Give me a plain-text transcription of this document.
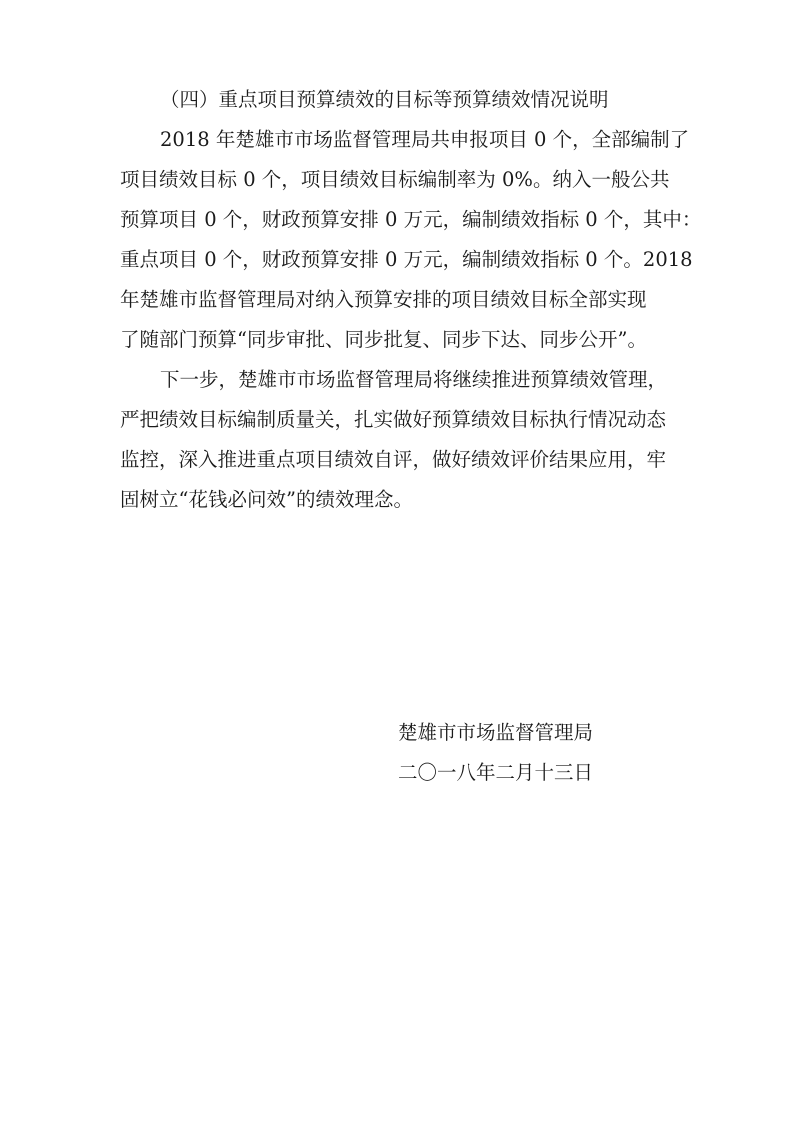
（四）重点项目预算绩效的目标等预算绩效情况说明
2018 年楚雄市市场监督管理局共申报项目 0 个，全部编制了
项目绩效目标 0 个，项目绩效目标编制率为 0%。纳入一般公共
预算项目 0 个，财政预算安排 0 万元，编制绩效指标 0 个，其中：
重点项目 0 个，财政预算安排 0 万元，编制绩效指标 0 个。2018
年楚雄市监督管理局对纳入预算安排的项目绩效目标全部实现
了随部门预算“同步审批、同步批复、同步下达、同步公开”。
下一步，楚雄市市场监督管理局将继续推进预算绩效管理，
严把绩效目标编制质量关，扎实做好预算绩效目标执行情况动态
监控，深入推进重点项目绩效自评，做好绩效评价结果应用，牢
固树立“花钱必问效”的绩效理念。
楚雄市市场监督管理局
二〇一八年二月十三日
